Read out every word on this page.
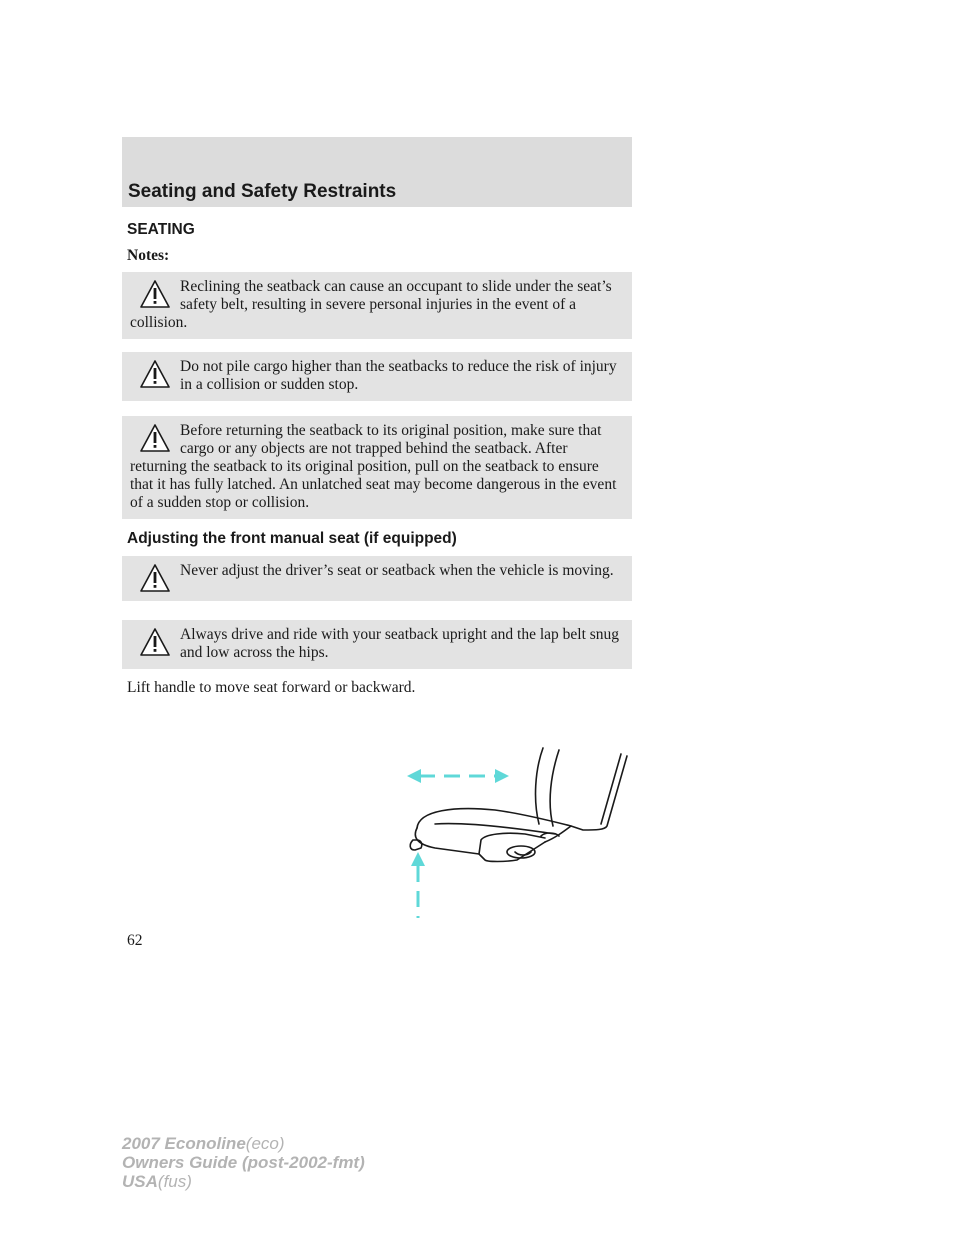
Seating and Safety Restraints
SEATING

Notes:

Reclining the seatback can cause an occupant to slide under the seat’s safety belt, resulting in severe personal injuries in the event of a collision.

Do not pile cargo higher than the seatbacks to reduce the risk of injury in a collision or sudden stop.

Before returning the seatback to its original position, make sure that cargo or any objects are not trapped behind the seatback. After returning the seatback to its original position, pull on the seatback to ensure that it has fully latched. An unlatched seat may become dangerous in the event of a sudden stop or collision.

Adjusting the front manual seat (if equipped)

Never adjust the driver’s seat or seatback when the vehicle is moving.

Always drive and ride with your seatback upright and the lap belt snug and low across the hips.

Lift handle to move seat forward or backward.

62

2007 Econoline(eco)
Owners Guide (post-2002-fmt)
USA(fus)
